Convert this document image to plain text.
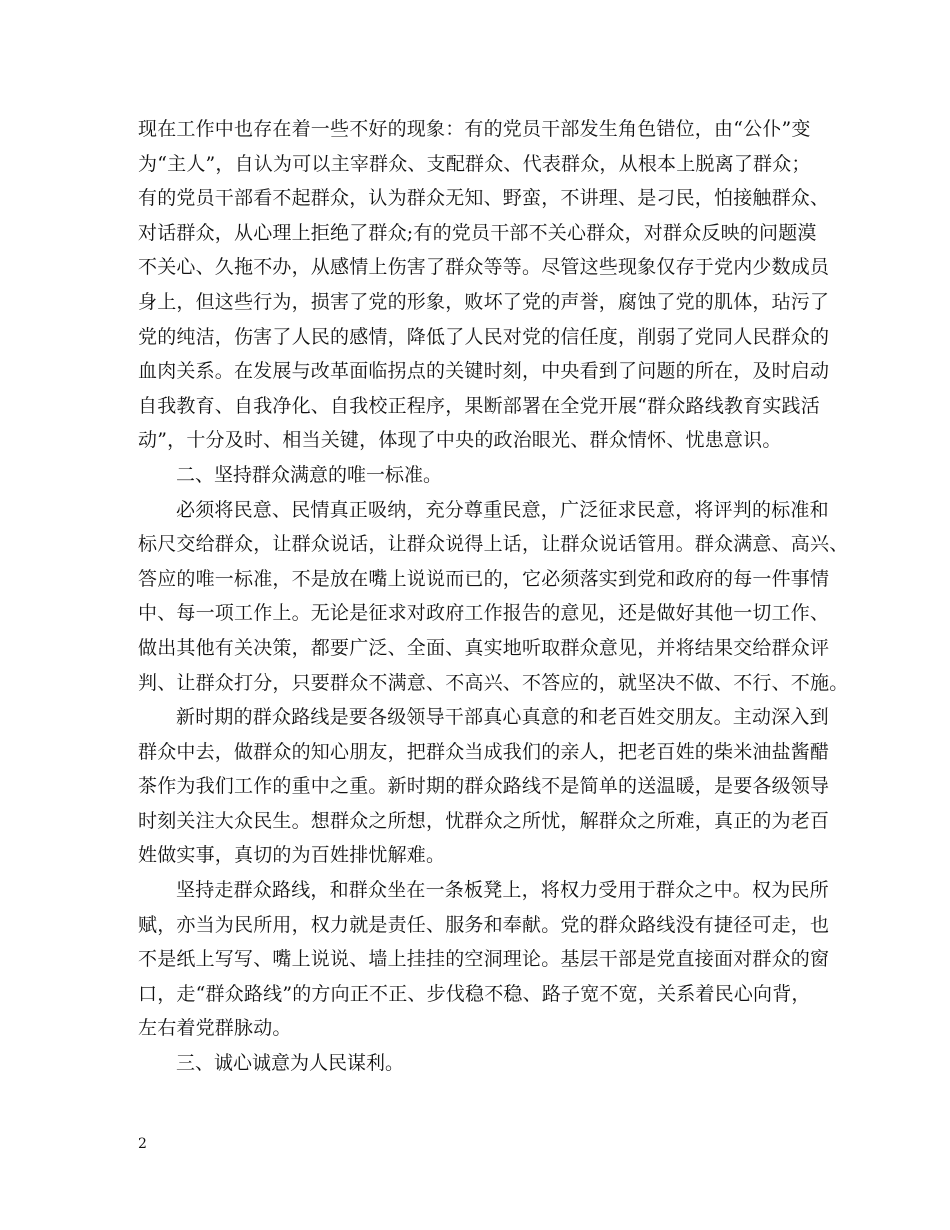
现在工作中也存在着一些不好的现象：有的党员干部发生角色错位，由“公仆”变
为“主人”，自认为可以主宰群众、支配群众、代表群众，从根本上脱离了群众；
有的党员干部看不起群众，认为群众无知、野蛮，不讲理、是刁民，怕接触群众、
对话群众，从心理上拒绝了群众;有的党员干部不关心群众，对群众反映的问题漠
不关心、久拖不办，从感情上伤害了群众等等。尽管这些现象仅存于党内少数成员
身上，但这些行为，损害了党的形象，败坏了党的声誉，腐蚀了党的肌体，玷污了
党的纯洁，伤害了人民的感情，降低了人民对党的信任度，削弱了党同人民群众的
血肉关系。在发展与改革面临拐点的关键时刻，中央看到了问题的所在，及时启动
自我教育、自我净化、自我校正程序，果断部署在全党开展“群众路线教育实践活
动”，十分及时、相当关键，体现了中央的政治眼光、群众情怀、忧患意识。

二、坚持群众满意的唯一标准。

必须将民意、民情真正吸纳，充分尊重民意，广泛征求民意，将评判的标准和
标尺交给群众，让群众说话，让群众说得上话，让群众说话管用。群众满意、高兴、
答应的唯一标准，不是放在嘴上说说而已的，它必须落实到党和政府的每一件事情
中、每一项工作上。无论是征求对政府工作报告的意见，还是做好其他一切工作、
做出其他有关决策，都要广泛、全面、真实地听取群众意见，并将结果交给群众评
判、让群众打分，只要群众不满意、不高兴、不答应的，就坚决不做、不行、不施。

新时期的群众路线是要各级领导干部真心真意的和老百姓交朋友。主动深入到
群众中去，做群众的知心朋友，把群众当成我们的亲人，把老百姓的柴米油盐酱醋
茶作为我们工作的重中之重。新时期的群众路线不是简单的送温暖，是要各级领导
时刻关注大众民生。想群众之所想，忧群众之所忧，解群众之所难，真正的为老百
姓做实事，真切的为百姓排忧解难。

坚持走群众路线，和群众坐在一条板凳上，将权力受用于群众之中。权为民所
赋，亦当为民所用，权力就是责任、服务和奉献。党的群众路线没有捷径可走，也
不是纸上写写、嘴上说说、墙上挂挂的空洞理论。基层干部是党直接面对群众的窗
口，走“群众路线”的方向正不正、步伐稳不稳、路子宽不宽，关系着民心向背，
左右着党群脉动。

三、诚心诚意为人民谋利。

2
